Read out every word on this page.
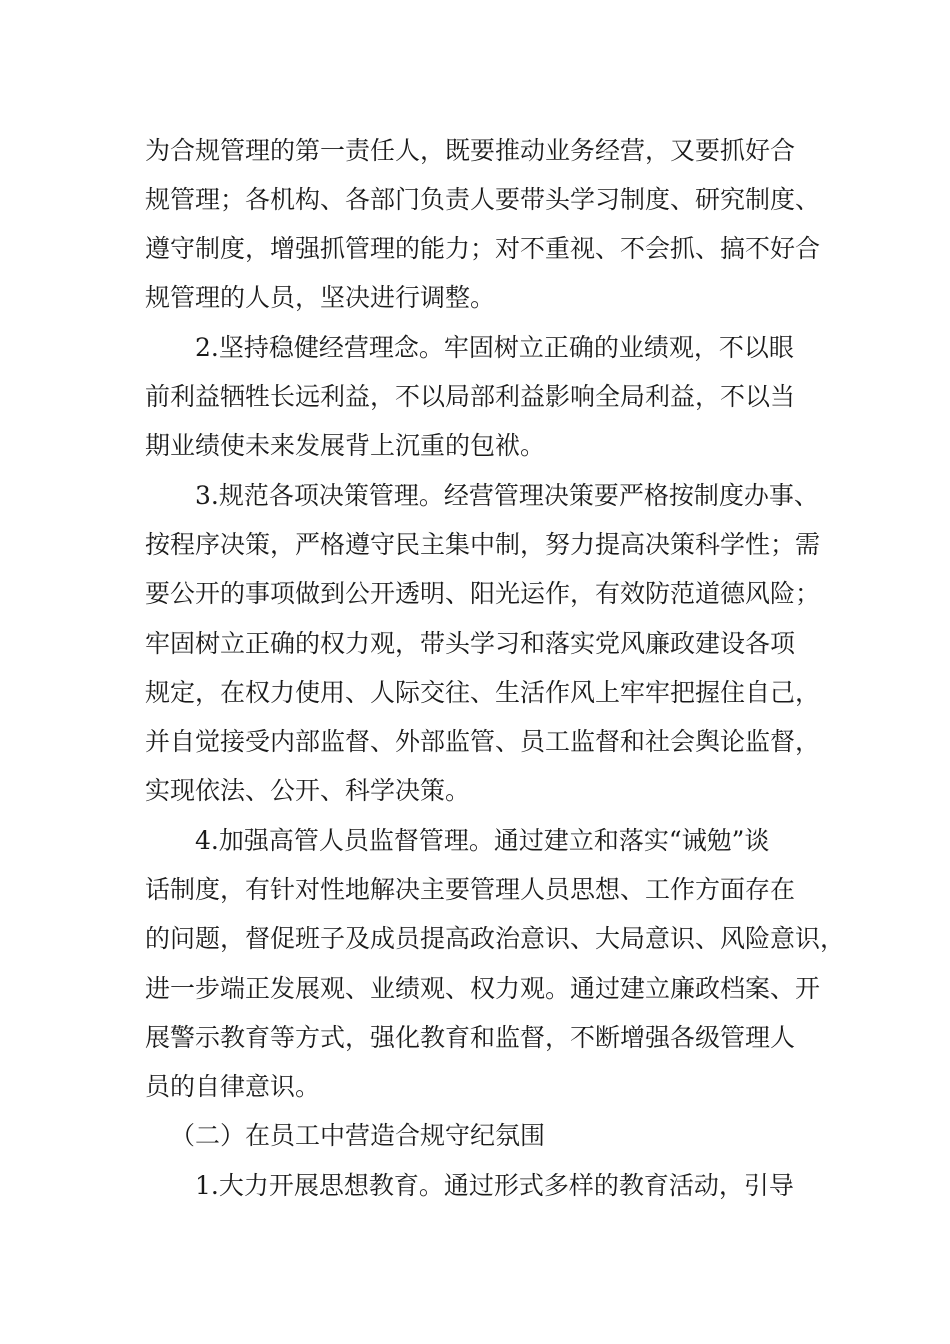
为合规管理的第一责任人，既要推动业务经营，又要抓好合

规管理；各机构、各部门负责人要带头学习制度、研究制度、

遵守制度，增强抓管理的能力；对不重视、不会抓、搞不好合

规管理的人员，坚决进行调整。

2.坚持稳健经营理念。牢固树立正确的业绩观，不以眼

前利益牺牲长远利益，不以局部利益影响全局利益，不以当

期业绩使未来发展背上沉重的包袱。

3.规范各项决策管理。经营管理决策要严格按制度办事、

按程序决策，严格遵守民主集中制，努力提高决策科学性；需

要公开的事项做到公开透明、阳光运作，有效防范道德风险；

牢固树立正确的权力观，带头学习和落实党风廉政建设各项

规定，在权力使用、人际交往、生活作风上牢牢把握住自己，

并自觉接受内部监督、外部监管、员工监督和社会舆论监督，

实现依法、公开、科学决策。

4.加强高管人员监督管理。通过建立和落实“诫勉”谈

话制度，有针对性地解决主要管理人员思想、工作方面存在

的问题，督促班子及成员提高政治意识、大局意识、风险意识，

进一步端正发展观、业绩观、权力观。通过建立廉政档案、开

展警示教育等方式，强化教育和监督，不断增强各级管理人

员的自律意识。

（二）在员工中营造合规守纪氛围

1.大力开展思想教育。通过形式多样的教育活动，引导
